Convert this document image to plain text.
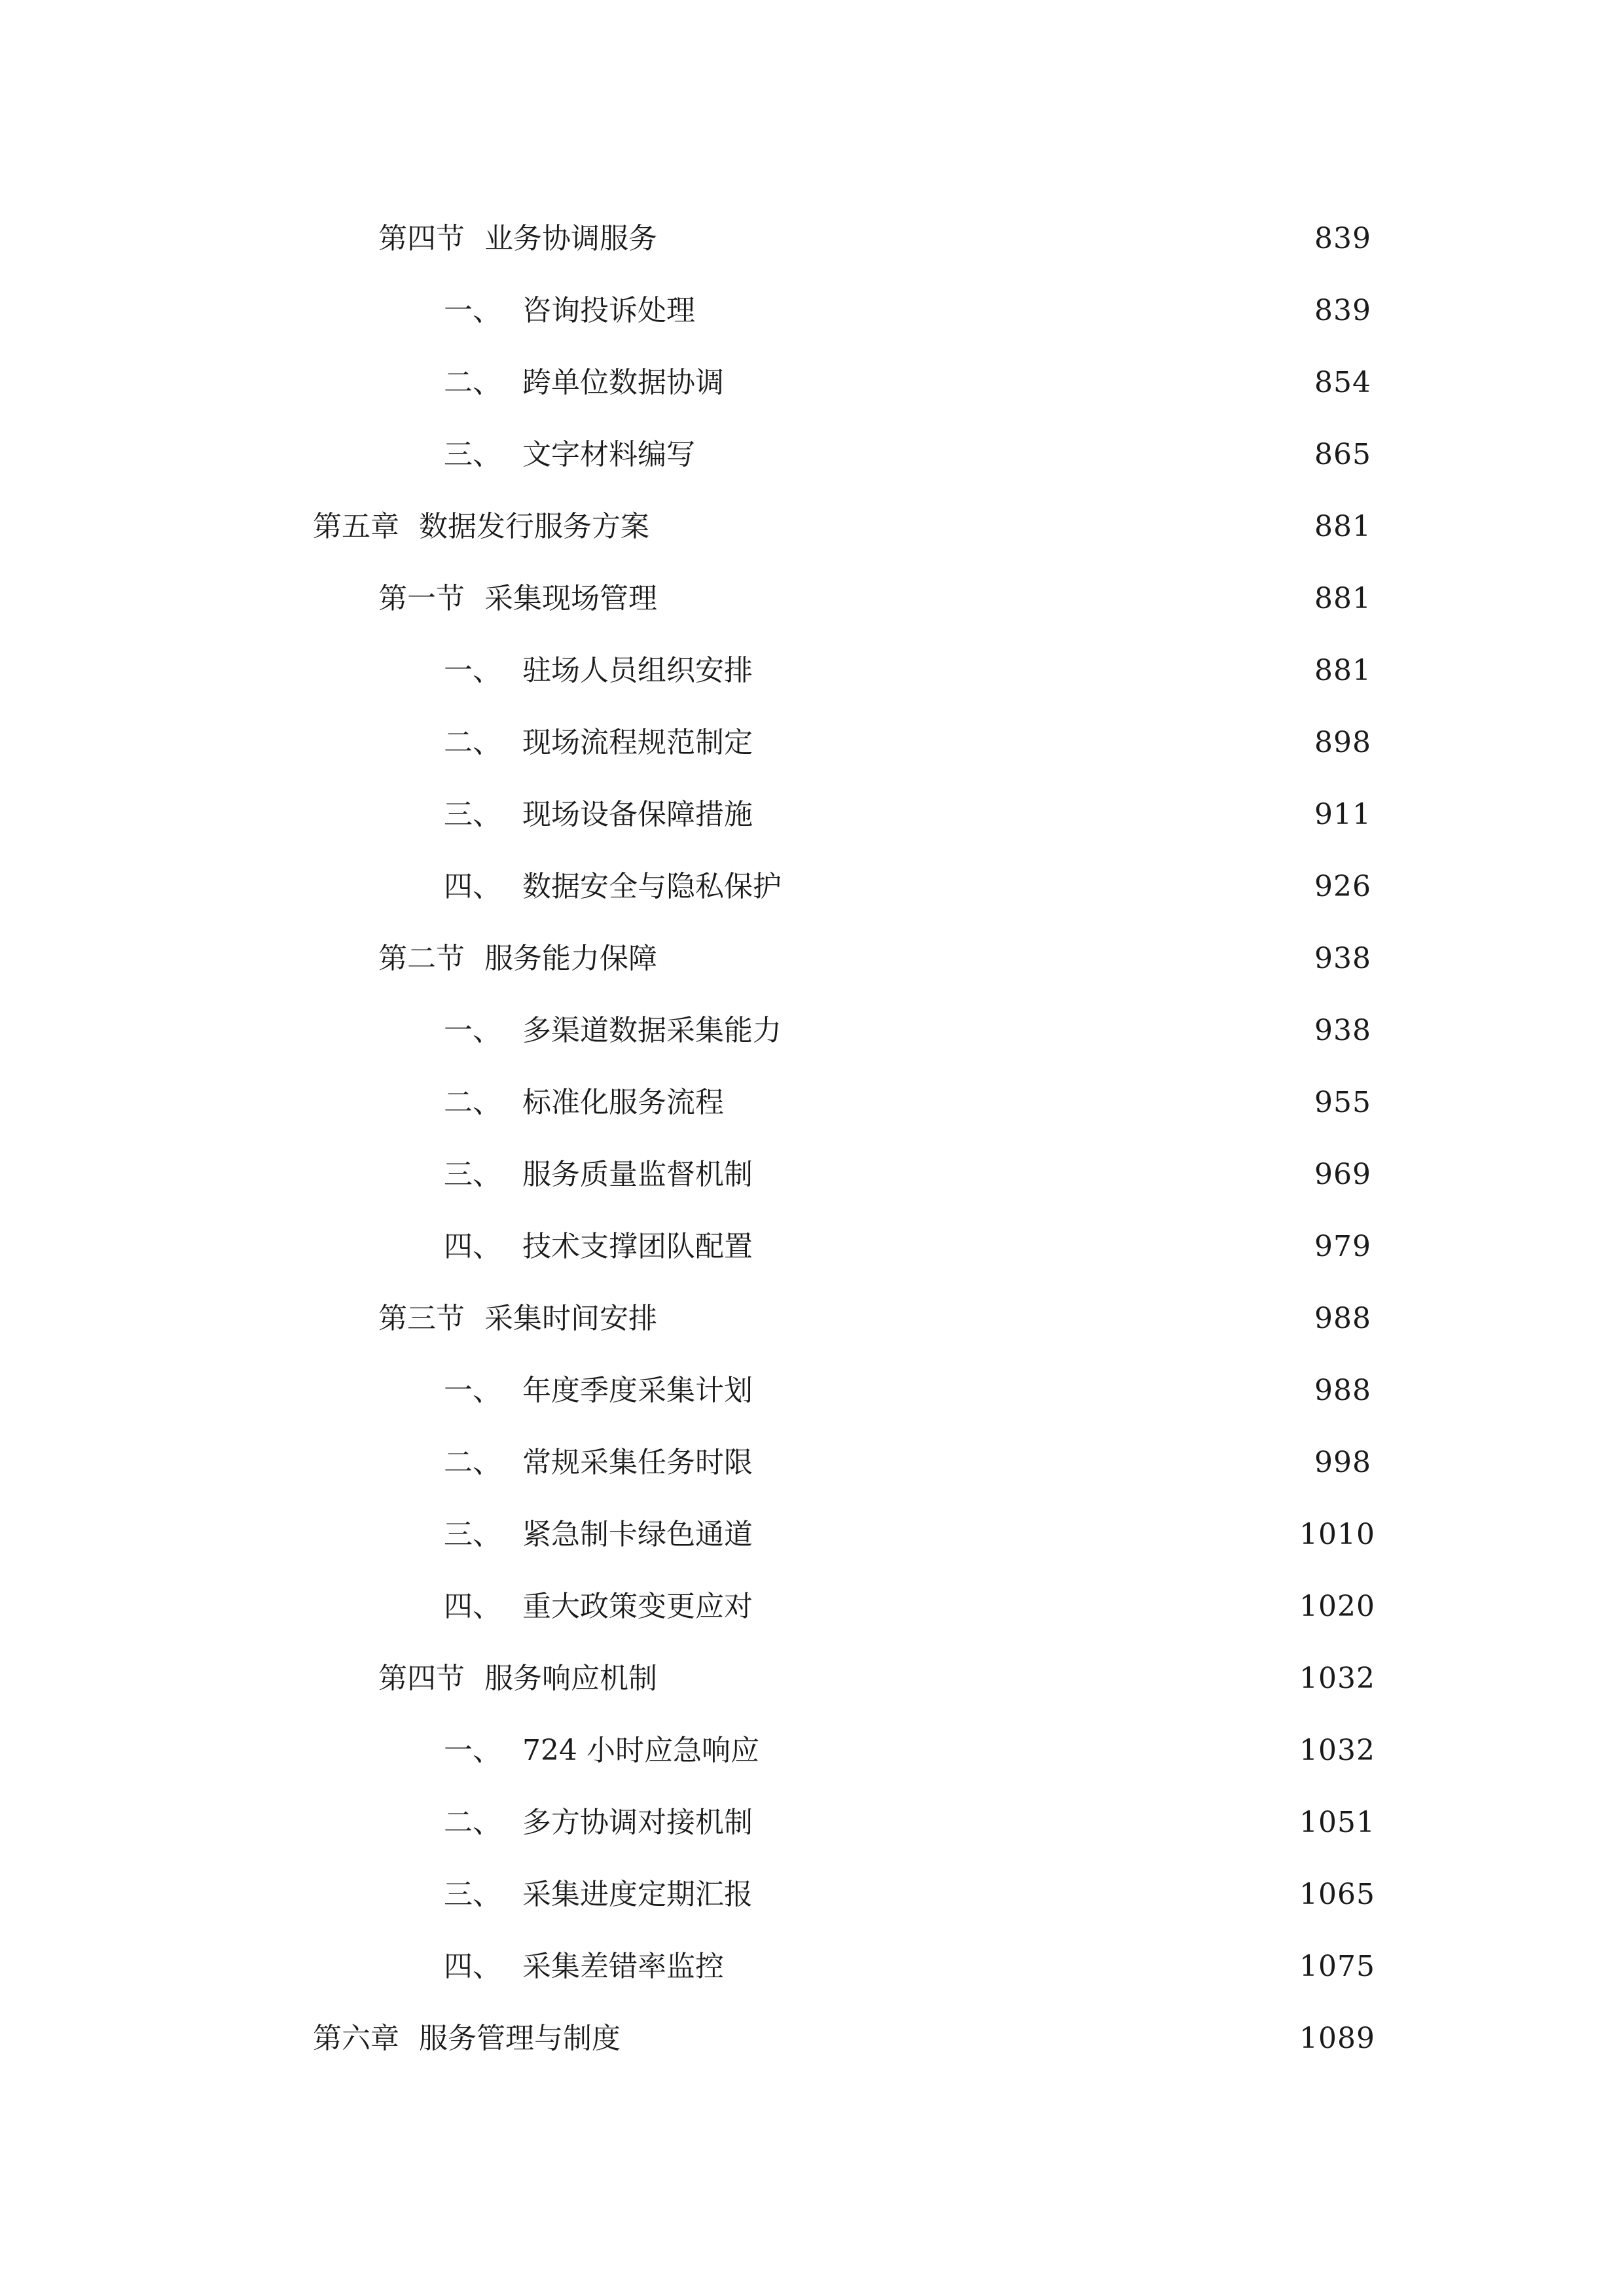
第四节 业务协调服务	839
一、 咨询投诉处理	839
二、 跨单位数据协调	854
三、 文字材料编写	865
第五章 数据发行服务方案	881
第一节 采集现场管理	881
一、 驻场人员组织安排	881
二、 现场流程规范制定	898
三、 现场设备保障措施	911
四、 数据安全与隐私保护	926
第二节 服务能力保障	938
一、 多渠道数据采集能力	938
二、 标准化服务流程	955
三、 服务质量监督机制	969
四、 技术支撑团队配置	979
第三节 采集时间安排	988
一、 年度季度采集计划	988
二、 常规采集任务时限	998
三、 紧急制卡绿色通道	1010
四、 重大政策变更应对	1020
第四节 服务响应机制	1032
一、 724 小时应急响应	1032
二、 多方协调对接机制	1051
三、 采集进度定期汇报	1065
四、 采集差错率监控	1075
第六章 服务管理与制度	1089
